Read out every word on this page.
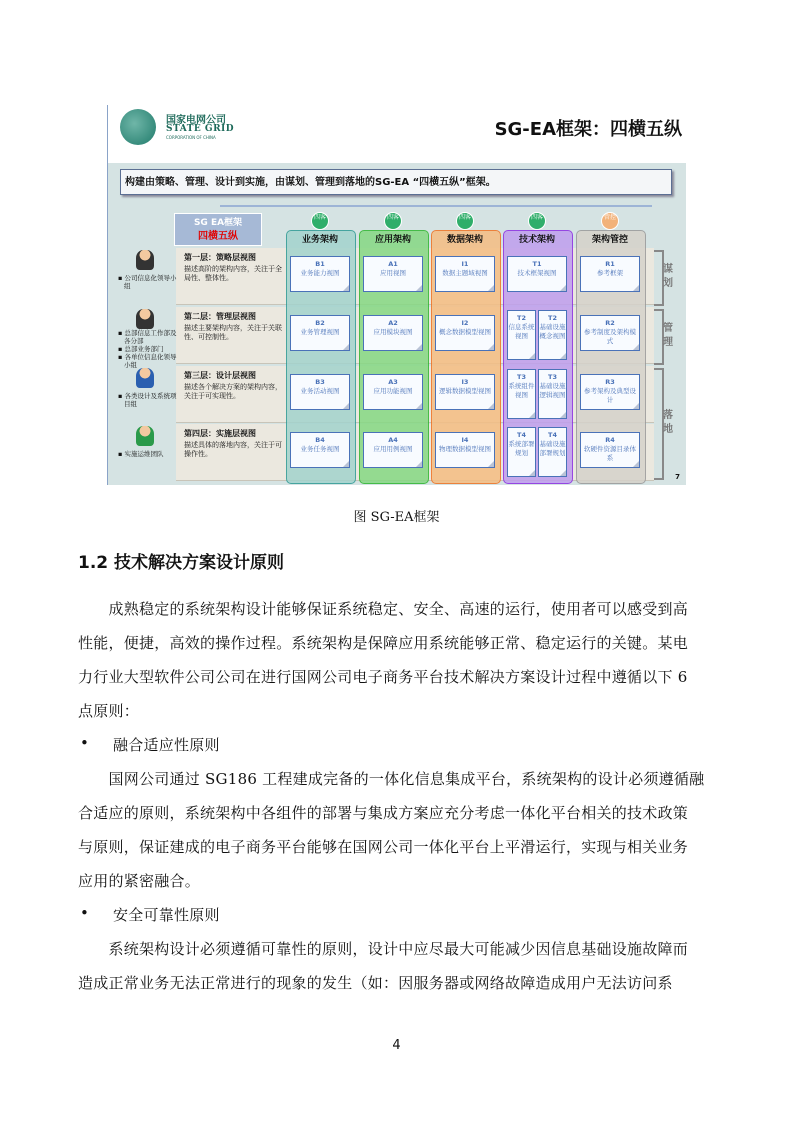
国家电网公司
STATE GRID
CORPORATION OF CHINA	SG-EA框架：四横五纵
构建由策略、管理、设计到实施，由谋划、管理到落地的SG-EA “四横五纵”框架。
第一层：策略层视图
描述高阶的架构内容，关注于全局性、整体性。
▪ 公司信息化领导小组
第二层：管理层视图
描述主要架构内容，关注于关联性、可控制性。
▪ 总部信息工作部及各分部
▪ 总部业务部门
▪ 各单位信息化领导小组
第三层：设计层视图
描述各个解决方案的架构内容，关注于可实现性。
▪ 各类设计及系统项目组
第四层：实施层视图
描述具体的落地内容，关注于可操作性。
▪ 实施运维团队
业务架构
四客
B1
业务能力视图
B2
业务管理视图
B3
业务活动视图
B4
业务任务视图
应用架构
四客
A1
应用视图
A2
应用模块视图
A3
应用功能视图
A4
应用用例视图
数据架构
四客
I1
数据主题域视图
I2
概念数据模型视图
I3
逻辑数据模型视图
I4
物理数据模型视图
技术架构
四客
T1
技术框架视图
T2
信息系统视图
T2
基础设施概念视图
T3
系统组件视图
T3
基础设施逻辑视图
T4
系统部署规划
T4
基础设施部署规划
架构管控
管控
R1
参考框架
R2
参考制度及架构模式
R3
参考架构及典型设计
R4
软硬件资源目录体系
谋划
管理
落地
SG EA框架
四横五纵
7
图 SG-EA框架
1.2 技术解决方案设计原则
　　成熟稳定的系统架构设计能够保证系统稳定、安全、高速的运行，使用者可以感受到高
性能，便捷，高效的操作过程。系统架构是保障应用系统能够正常、稳定运行的关键。某电
力行业大型软件公司公司在进行国网公司电子商务平台技术解决方案设计过程中遵循以下 6
点原则：
• 融合适应性原则
　　国网公司通过 SG186 工程建成完备的一体化信息集成平台，系统架构的设计必须遵循融
合适应的原则，系统架构中各组件的部署与集成方案应充分考虑一体化平台相关的技术政策
与原则，保证建成的电子商务平台能够在国网公司一体化平台上平滑运行，实现与相关业务
应用的紧密融合。
• 安全可靠性原则
　　系统架构设计必须遵循可靠性的原则，设计中应尽最大可能减少因信息基础设施故障而
造成正常业务无法正常进行的现象的发生（如：因服务器或网络故障造成用户无法访问系
4
